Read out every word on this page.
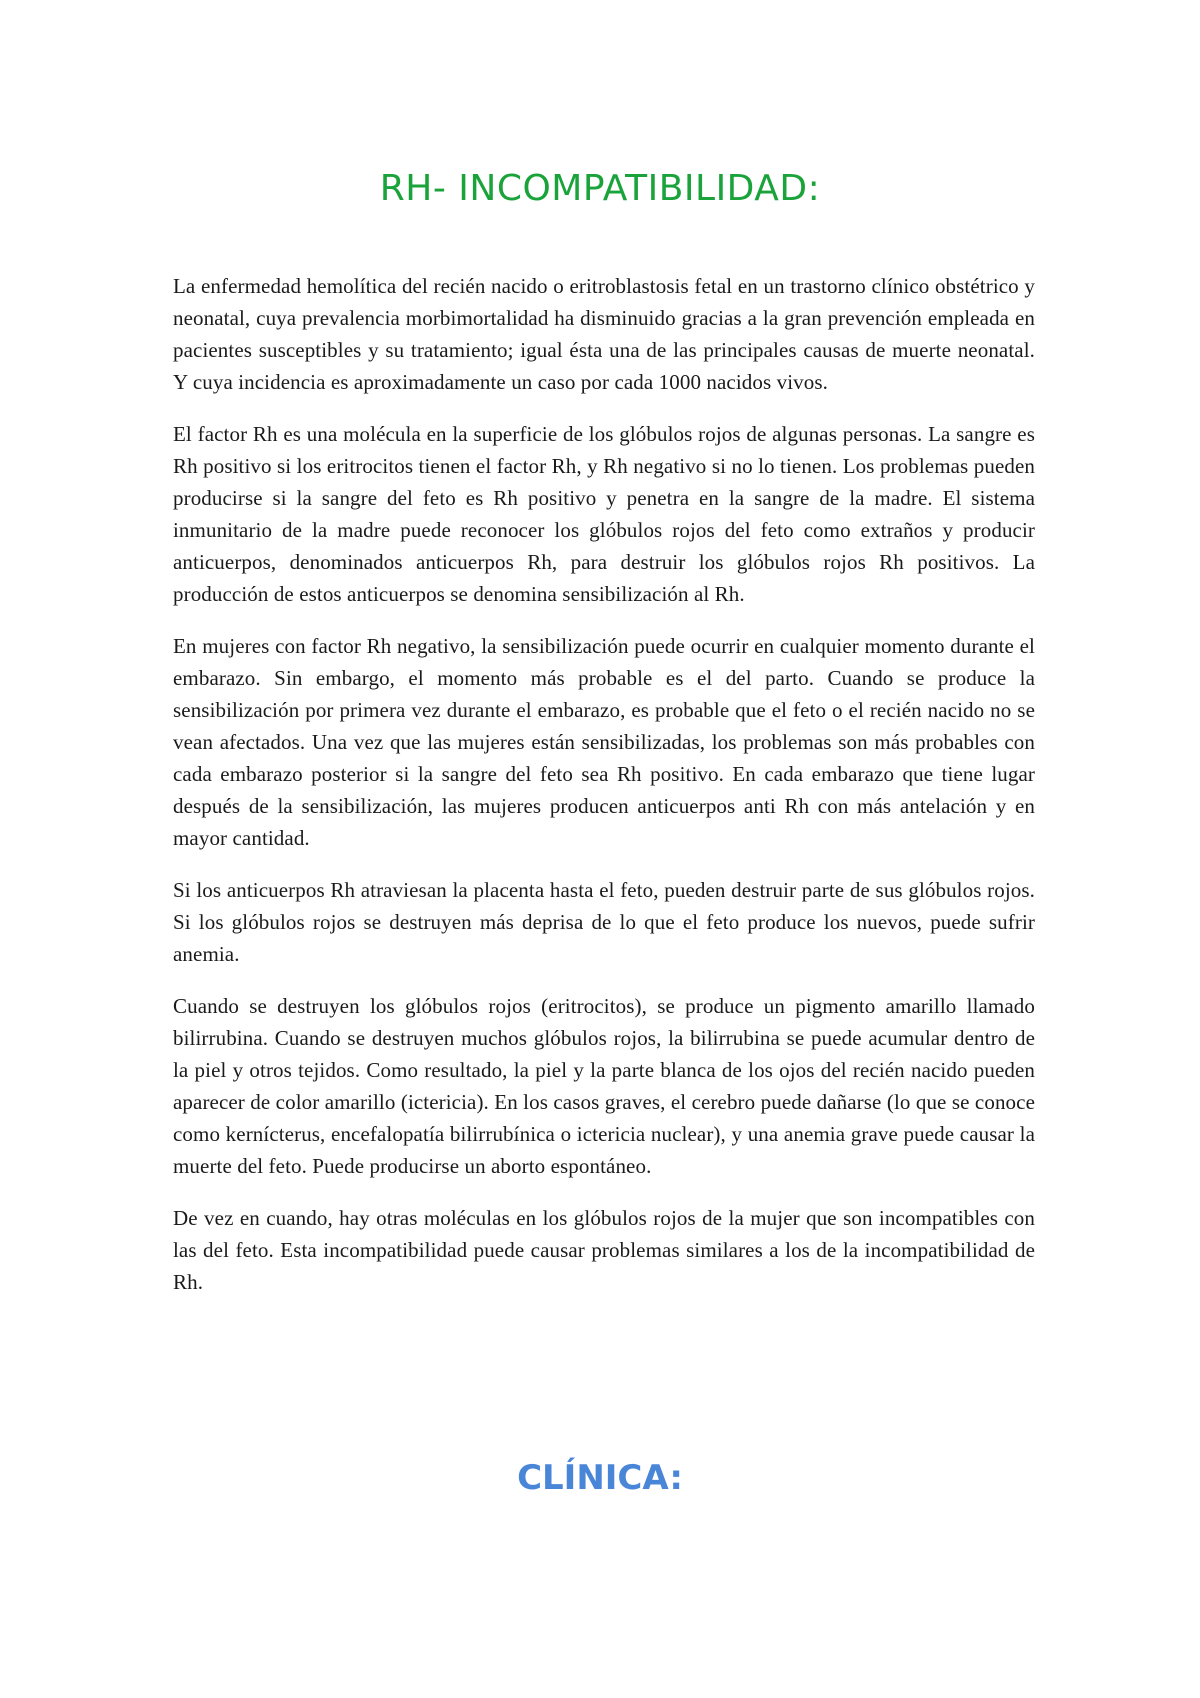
RH- INCOMPATIBILIDAD:

La enfermedad hemolítica del recién nacido o eritroblastosis fetal en un trastorno clínico obstétrico y neonatal, cuya prevalencia morbimortalidad ha disminuido gracias a la gran prevención empleada en pacientes susceptibles y su tratamiento; igual ésta una de las principales causas de muerte neonatal. Y cuya incidencia es aproximadamente un caso por cada 1000 nacidos vivos.

El factor Rh es una molécula en la superficie de los glóbulos rojos de algunas personas. La sangre es Rh positivo si los eritrocitos tienen el factor Rh, y Rh negativo si no lo tienen. Los problemas pueden producirse si la sangre del feto es Rh positivo y penetra en la sangre de la madre. El sistema inmunitario de la madre puede reconocer los glóbulos rojos del feto como extraños y producir anticuerpos, denominados anticuerpos Rh, para destruir los glóbulos rojos Rh positivos. La producción de estos anticuerpos se denomina sensibilización al Rh.

En mujeres con factor Rh negativo, la sensibilización puede ocurrir en cualquier momento durante el embarazo. Sin embargo, el momento más probable es el del parto. Cuando se produce la sensibilización por primera vez durante el embarazo, es probable que el feto o el recién nacido no se vean afectados. Una vez que las mujeres están sensibilizadas, los problemas son más probables con cada embarazo posterior si la sangre del feto sea Rh positivo. En cada embarazo que tiene lugar después de la sensibilización, las mujeres producen anticuerpos anti Rh con más antelación y en mayor cantidad.

Si los anticuerpos Rh atraviesan la placenta hasta el feto, pueden destruir parte de sus glóbulos rojos. Si los glóbulos rojos se destruyen más deprisa de lo que el feto produce los nuevos, puede sufrir anemia.

Cuando se destruyen los glóbulos rojos (eritrocitos), se produce un pigmento amarillo llamado bilirrubina. Cuando se destruyen muchos glóbulos rojos, la bilirrubina se puede acumular dentro de la piel y otros tejidos. Como resultado, la piel y la parte blanca de los ojos del recién nacido pueden aparecer de color amarillo (ictericia). En los casos graves, el cerebro puede dañarse (lo que se conoce como kernícterus, encefalopatía bilirrubínica o ictericia nuclear), y una anemia grave puede causar la muerte del feto. Puede producirse un aborto espontáneo.

De vez en cuando, hay otras moléculas en los glóbulos rojos de la mujer que son incompatibles con las del feto. Esta incompatibilidad puede causar problemas similares a los de la incompatibilidad de Rh.

CLÍNICA:
